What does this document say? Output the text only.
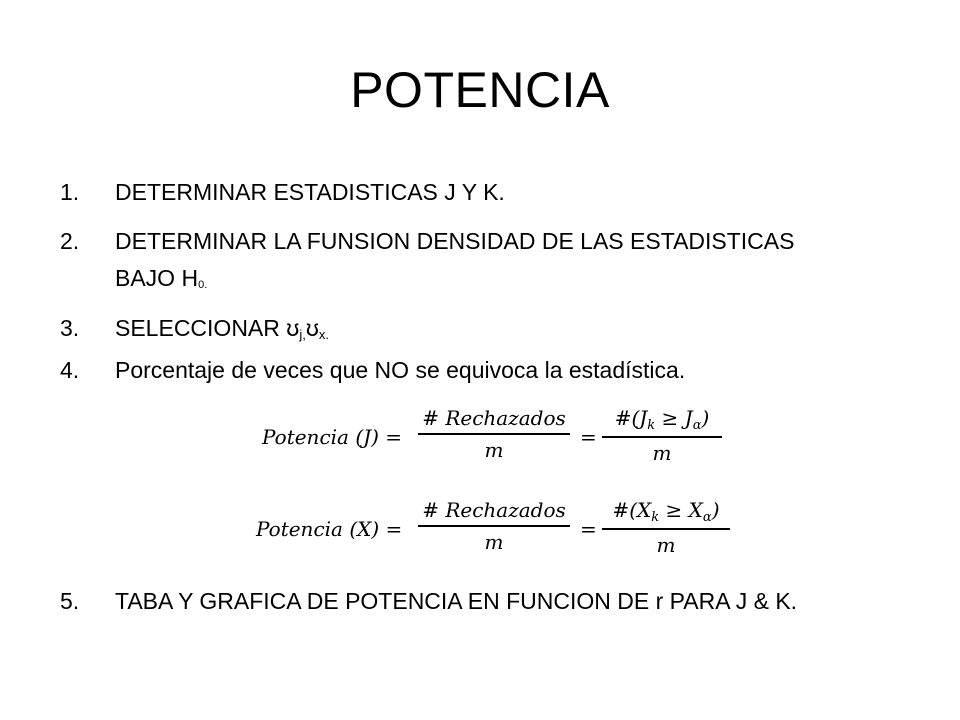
POTENCIA
1.	DETERMINAR ESTADISTICAS J Y K.
2.	DETERMINAR LA FUNSION DENSIDAD DE LAS ESTADISTICAS
BAJO H0.
3.	SELECCIONAR ʊj,ʊx.
4.	Porcentaje de veces que NO se equivoca la estadística.
5.	TABA Y GRAFICA DE POTENCIA EN FUNCION DE r PARA J & K.
Potencia (J) =
# Rechazados
m
=
$\#(J_k \ge J_\alpha)$
m
Potencia (X) =
# Rechazados
m
=
$\#(X_k \ge X_\alpha)$
m
